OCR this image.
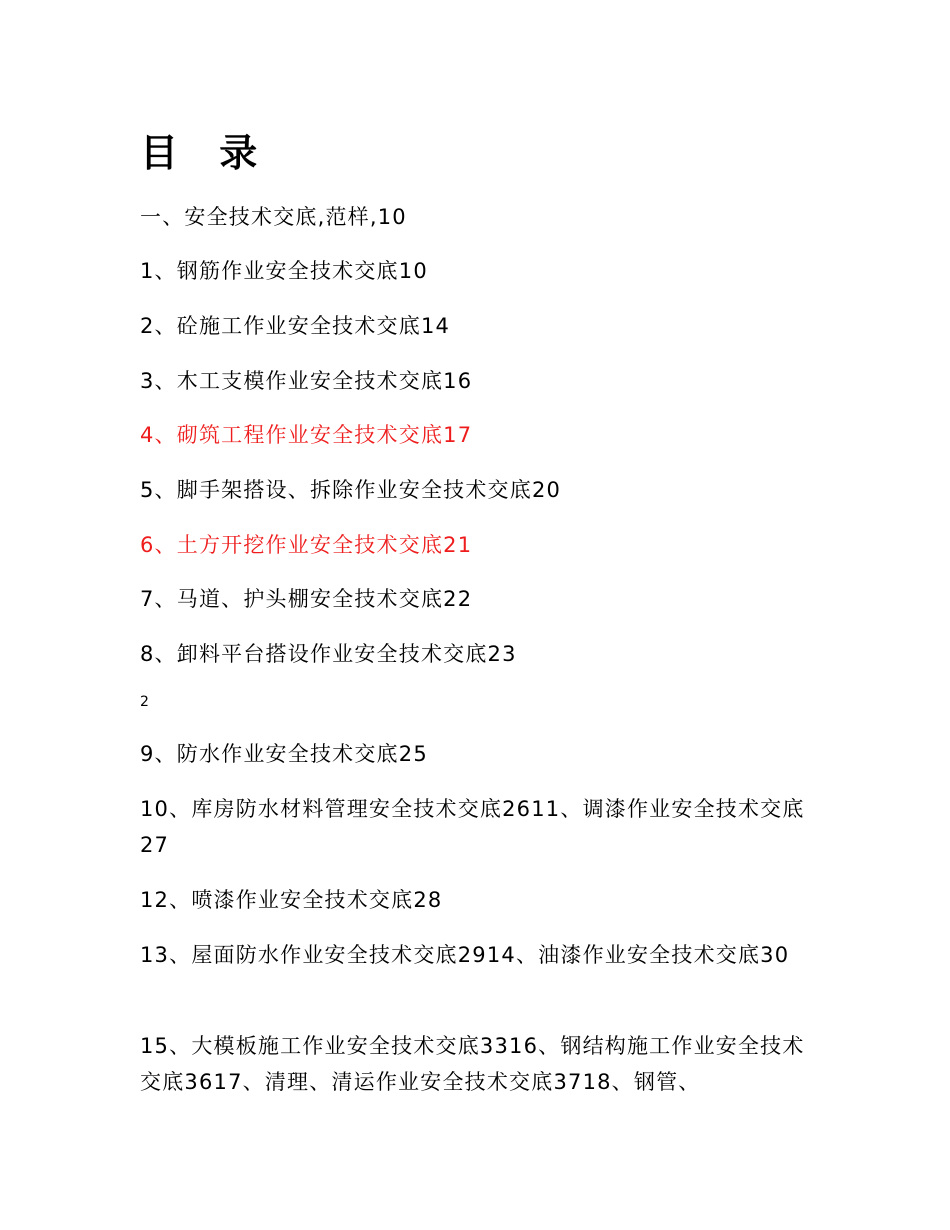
目 录

一、安全技术交底,范样,10

1、钢筋作业安全技术交底10

2、砼施工作业安全技术交底14

3、木工支模作业安全技术交底16

4、砌筑工程作业安全技术交底17

5、脚手架搭设、拆除作业安全技术交底20

6、土方开挖作业安全技术交底21

7、马道、护头棚安全技术交底22

8、卸料平台搭设作业安全技术交底23

2

9、防水作业安全技术交底25

10、库房防水材料管理安全技术交底2611、调漆作业安全技术交底27

12、喷漆作业安全技术交底28

13、屋面防水作业安全技术交底2914、油漆作业安全技术交底30

15、大模板施工作业安全技术交底3316、钢结构施工作业安全技术交底3617、清理、清运作业安全技术交底3718、钢管、
